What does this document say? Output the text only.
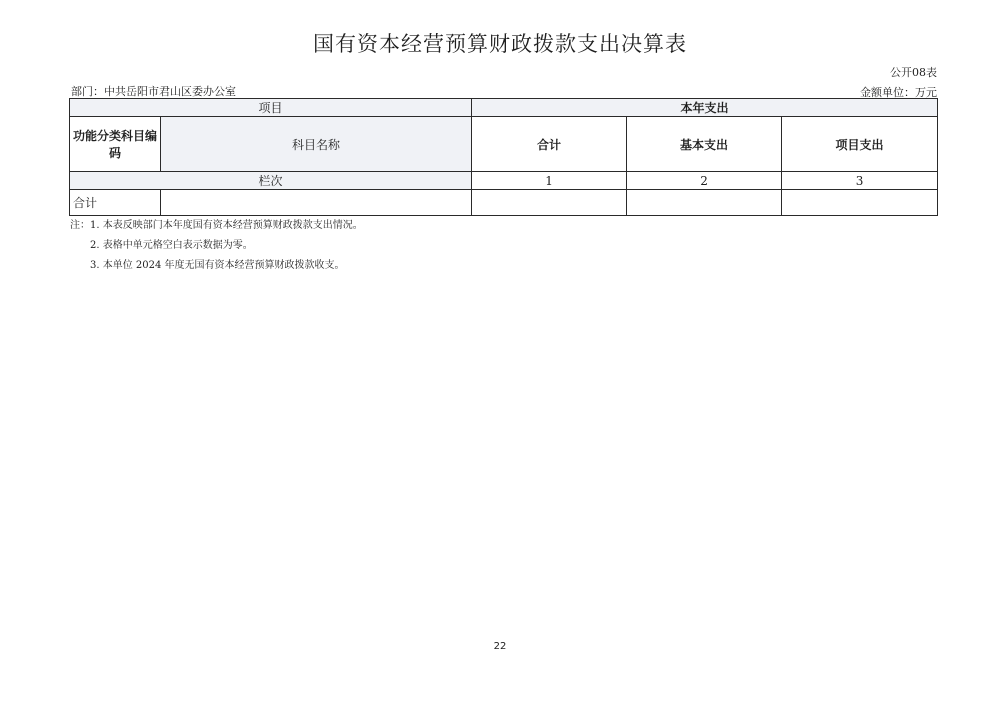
国有资本经营预算财政拨款支出决算表
公开08表
部门：中共岳阳市君山区委办公室	金额单位：万元
项目		本年支出		
功能分类科目编码	科目名称	合计	基本支出	项目支出
栏次		1	2	3
合计				
注：1. 本表反映部门本年度国有资本经营预算财政拨款支出情况。
2. 表格中单元格空白表示数据为零。
3. 本单位 2024 年度无国有资本经营预算财政拨款收支。
22
